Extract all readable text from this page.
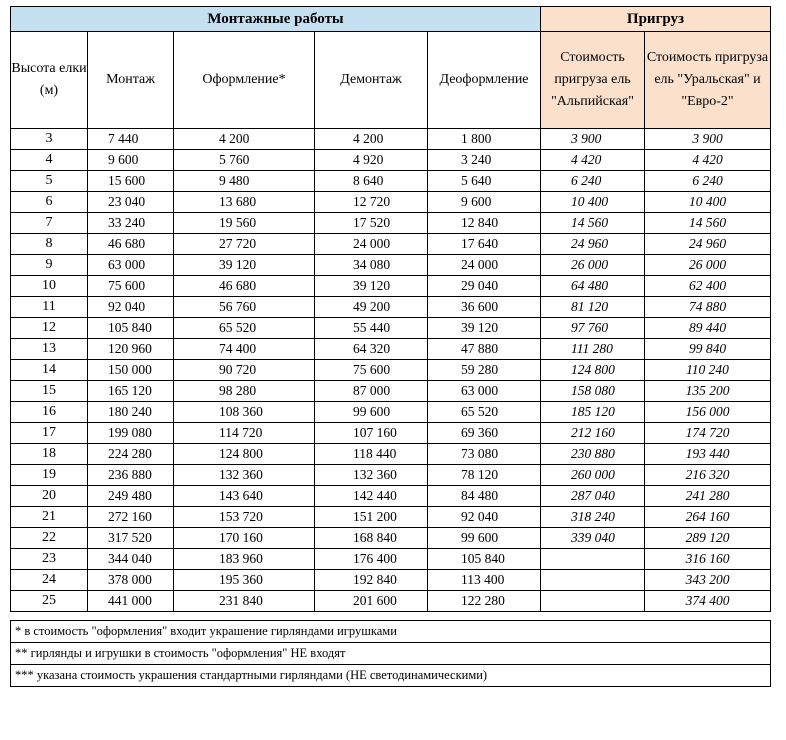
Монтажные работы					Пригруз	
Высота елки (м)	Монтаж	Оформление*	Демонтаж	Деоформление	Стоимость пригруза ель "Альпийская"	Стоимость пригруза ель "Уральская" и "Евро-2"
3	7 440	4 200	4 200	1 800	3 900	3 900
4	9 600	5 760	4 920	3 240	4 420	4 420
5	15 600	9 480	8 640	5 640	6 240	6 240
6	23 040	13 680	12 720	9 600	10 400	10 400
7	33 240	19 560	17 520	12 840	14 560	14 560
8	46 680	27 720	24 000	17 640	24 960	24 960
9	63 000	39 120	34 080	24 000	26 000	26 000
10	75 600	46 680	39 120	29 040	64 480	62 400
11	92 040	56 760	49 200	36 600	81 120	74 880
12	105 840	65 520	55 440	39 120	97 760	89 440
13	120 960	74 400	64 320	47 880	111 280	99 840
14	150 000	90 720	75 600	59 280	124 800	110 240
15	165 120	98 280	87 000	63 000	158 080	135 200
16	180 240	108 360	99 600	65 520	185 120	156 000
17	199 080	114 720	107 160	69 360	212 160	174 720
18	224 280	124 800	118 440	73 080	230 880	193 440
19	236 880	132 360	132 360	78 120	260 000	216 320
20	249 480	143 640	142 440	84 480	287 040	241 280
21	272 160	153 720	151 200	92 040	318 240	264 160
22	317 520	170 160	168 840	99 600	339 040	289 120
23	344 040	183 960	176 400	105 840		316 160
24	378 000	195 360	192 840	113 400		343 200
25	441 000	231 840	201 600	122 280		374 400

* в стоимость "оформления" входит украшение гирляндами игрушками						
** гирлянды и игрушки в стоимость "оформления" НЕ входят						
*** указана стоимость украшения стандартными гирляндами (НЕ светодинамическими)						
